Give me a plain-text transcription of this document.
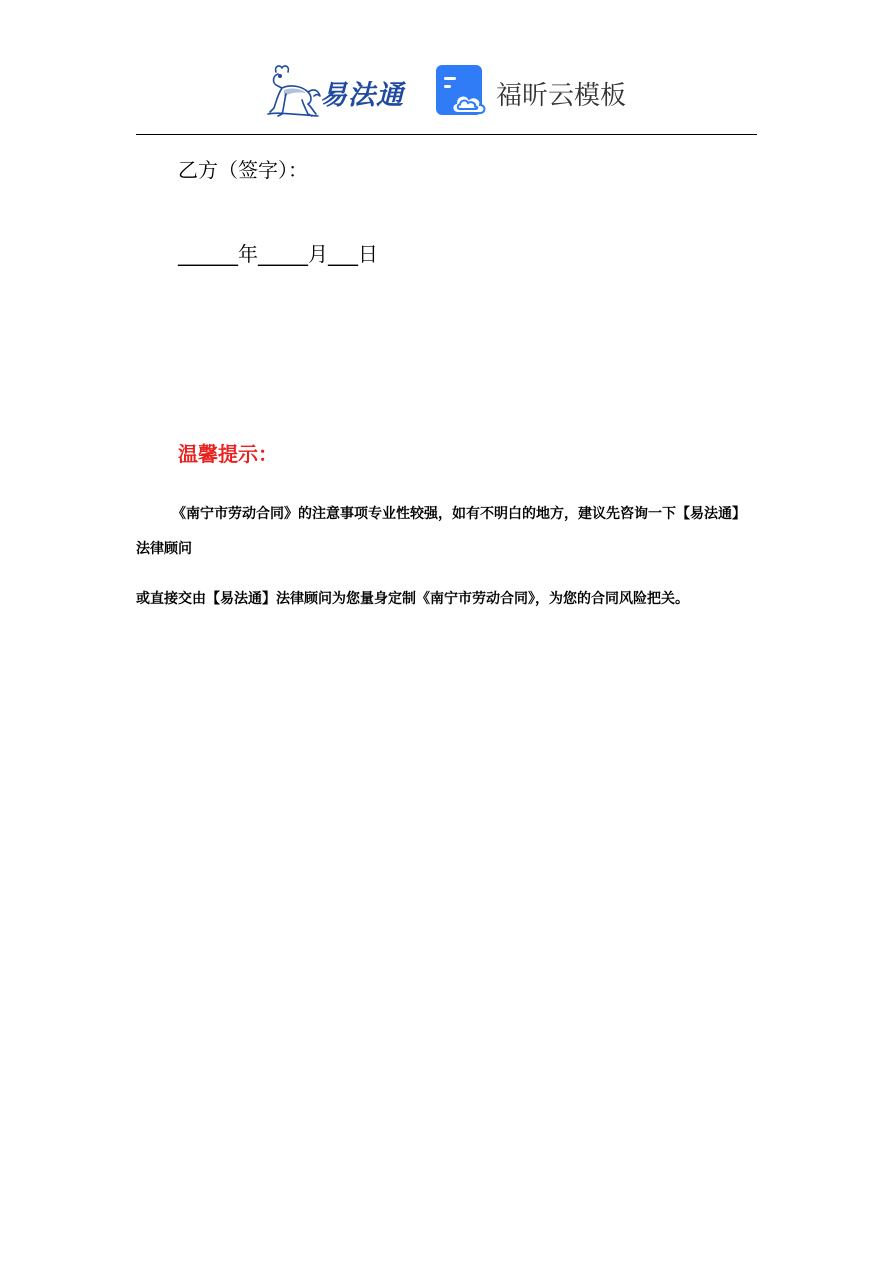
易法通	福昕云模板
乙方（签字）：
______年_____月___日
温馨提示：

《南宁市劳动合同》的注意事项专业性较强，如有不明白的地方，建议先咨询一下【易法通】法律顾问

或直接交由【易法通】法律顾问为您量身定制《南宁市劳动合同》，为您的合同风险把关。
